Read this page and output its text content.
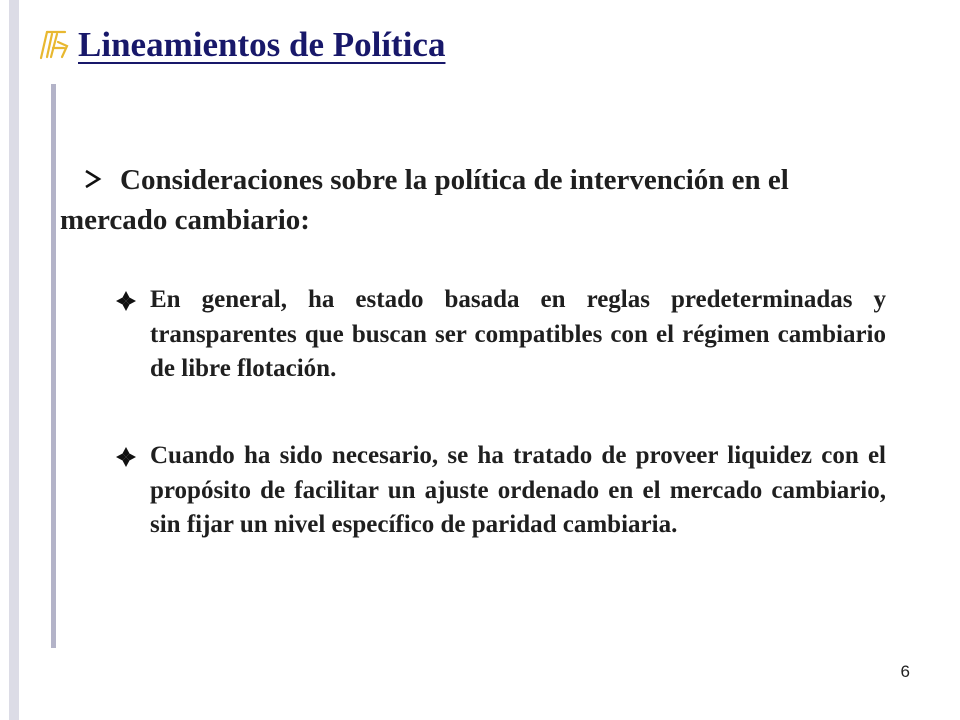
Lineamientos de Política
Consideraciones sobre la política de intervención en el mercado cambiario:
En general, ha estado basada en reglas predeterminadas y transparentes que buscan ser compatibles con el régimen cambiario de libre flotación.
Cuando ha sido necesario, se ha tratado de proveer liquidez con el propósito de facilitar un ajuste ordenado en el mercado cambiario, sin fijar un nivel específico de paridad cambiaria.
6
